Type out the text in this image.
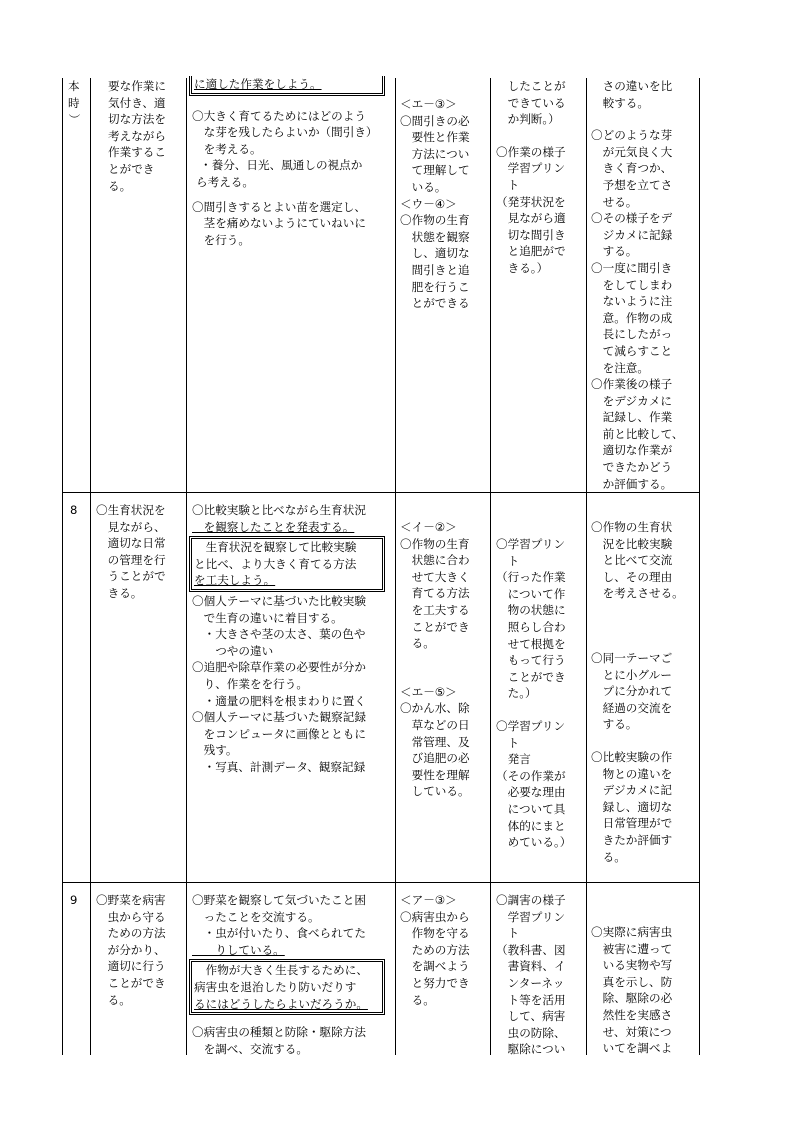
本
時
）
要な作業に
気付き、適
切な方法を
考えながら
作業するこ
とができ
る。
に適した作業をしよう。
〇大きく育てるためにはどのよう
　な芽を残したらよいか（間引き）
　を考える。
・養分、日光、風通しの視点か
ら考える。
〇間引きするとよい苗を選定し、
　茎を痛めないようにていねいに
　を行う。
＜エ－③＞
〇間引きの必
　要性と作業
　方法につい
　て理解して
　いる。
＜ウ－④＞
〇作物の生育
　状態を観察
　し、適切な
　間引きと追
　肥を行うこ
　とができる
　したことが
　できている
　か判断。）
〇作業の様子
　学習プリン
　ト
（発芽状況を
　見ながら適
　切な間引き
　と追肥がで
　きる。）
　さの違いを比
　較する。
〇どのような芽
　が元気良く大
　きく育つか、
　予想を立てさ
　せる。
〇その様子をデ
　ジカメに記録
　する。
〇一度に間引き
　をしてしまわ
　ないように注
　意。作物の成
　長にしたがっ
　て減らすこと
　を注意。
〇作業後の様子
　をデジカメに
　記録し、作業
　前と比較して、
　適切な作業が
　できたかどう
　か評価する。
8	〇生育状況を
　見ながら、
　適切な日常
　の管理を行
　うことがで
　きる。
〇比較実験と比べながら生育状況
　を観察したことを発表する。
　生育状況を観察して比較実験
と比べ、より大きく育てる方法
を工夫しよう。
〇個人テーマに基づいた比較実験
　で生育の違いに着目する。
　・大きさや茎の太さ、葉の色や
　　つやの違い
〇追肥や除草作業の必要性が分か
　り、作業をを行う。
　・適量の肥料を根まわりに置く
〇個人テーマに基づいた観察記録
　をコンピュータに画像とともに
　残す。
　・写真、計測データ、観察記録
＜イ－②＞
〇作物の生育
　状態に合わ
　せて大きく
　育てる方法
　を工夫する
　ことができ
　る。
＜エ－⑤＞
〇かん水、除
　草などの日
　常管理、及
　び追肥の必
　要性を理解
　している。
〇学習プリン
　ト
（行った作業
　について作
　物の状態に
　照らし合わ
　せて根拠を
　もって行う
　ことができ
　た。）
〇学習プリン
　ト
　発言
（その作業が
　必要な理由
　について具
　体的にまと
　めている。）
〇作物の生育状
　況を比較実験
　と比べて交流
　し、その理由
　を考えさせる。
〇同一テーマご
　とに小グルー
　プに分かれて
　経過の交流を
　する。
〇比較実験の作
　物との違いを
　デジカメに記
　録し、適切な
　日常管理がで
　きたか評価す
　る。
9	〇野菜を病害
　虫から守る
　ための方法
　が分かり、
　適切に行う
　ことができ
　る。
〇野菜を観察して気づいたこと困
　ったことを交流する。
　・虫が付いたり、食べられてた
　　りしている。
　作物が大きく生長するために、
病害虫を退治したり防いだりす
るにはどうしたらよいだろうか。
〇病害虫の種類と防除・駆除方法
　を調べ、交流する。
＜ア－③＞
〇病害虫から
　作物を守る
　ための方法
　を調べよう
　と努力でき
　る。
〇調害の様子
　学習プリン
　ト
（教科書、図
　書資料、イ
　ンターネッ
　ト等を活用
　して、病害
　虫の防除、
　駆除につい
〇実際に病害虫
　被害に遭って
　いる実物や写
　真を示し、防
　除、駆除の必
　然性を実感さ
　せ、対策につ
　いてを調べよ
